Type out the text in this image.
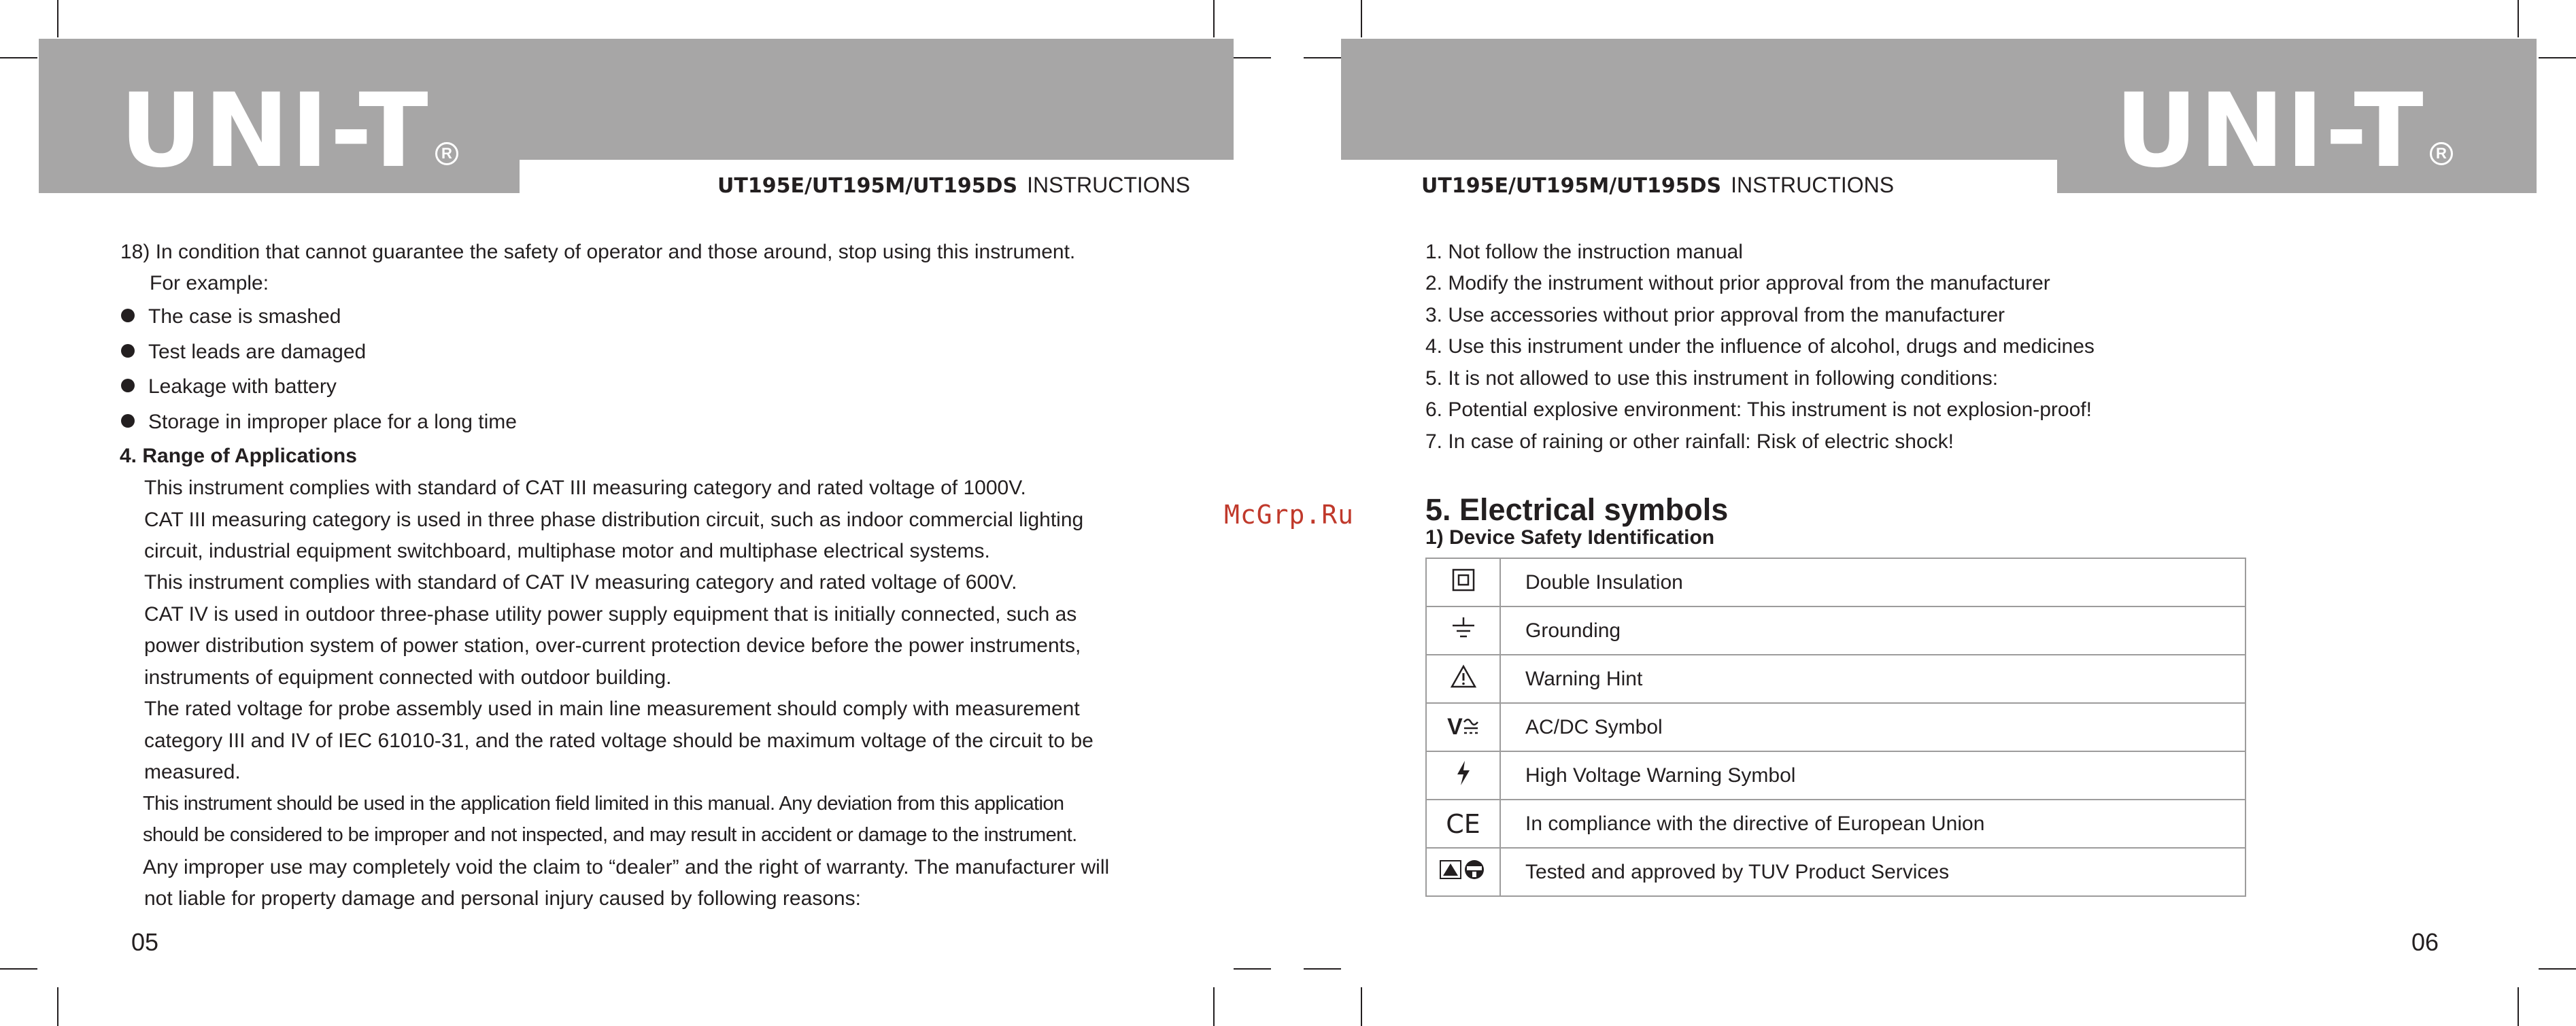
UNI-T R
UT195E/UT195M/UT195DS INSTRUCTIONS
18) In condition that cannot guarantee the safety of operator and those around, stop using this instrument.
For example:
The case is smashed
Test leads are damaged
Leakage with battery
Storage in improper place for a long time
4. Range of Applications
This instrument complies with standard of CAT III measuring category and rated voltage of 1000V.
CAT III measuring category is used in three phase distribution circuit, such as indoor commercial lighting
circuit, industrial equipment switchboard, multiphase motor and multiphase electrical systems.
This instrument complies with standard of CAT IV measuring category and rated voltage of 600V.
CAT IV is used in outdoor three-phase utility power supply equipment that is initially connected, such as
power distribution system of power station, over-current protection device before the power instruments,
instruments of equipment connected with outdoor building.
The rated voltage for probe assembly used in main line measurement should comply with measurement
category III and IV of IEC 61010-31, and the rated voltage should be maximum voltage of the circuit to be
measured.
This instrument should be used in the application field limited in this manual. Any deviation from this application
should be considered to be improper and not inspected, and may result in accident or damage to the instrument.
Any improper use may completely void the claim to “dealer” and the right of warranty. The manufacturer will
not liable for property damage and personal injury caused by following reasons:
05
McGrp.Ru
UNI-T R
UT195E/UT195M/UT195DS INSTRUCTIONS
1. Not follow the instruction manual
2. Modify the instrument without prior approval from the manufacturer
3. Use accessories without prior approval from the manufacturer
4. Use this instrument under the influence of alcohol, drugs and medicines
5. It is not allowed to use this instrument in following conditions:
6. Potential explosive environment: This instrument is not explosion-proof!
7. In case of raining or other rainfall: Risk of electric shock!
5. Electrical symbols
1) Device Safety Identification
	Double Insulation
	Grounding
	Warning Hint

V	AC/DC Symbol
	High Voltage Warning Symbol
CE	In compliance with the directive of European Union
	Tested and approved by TUV Product Services
06
